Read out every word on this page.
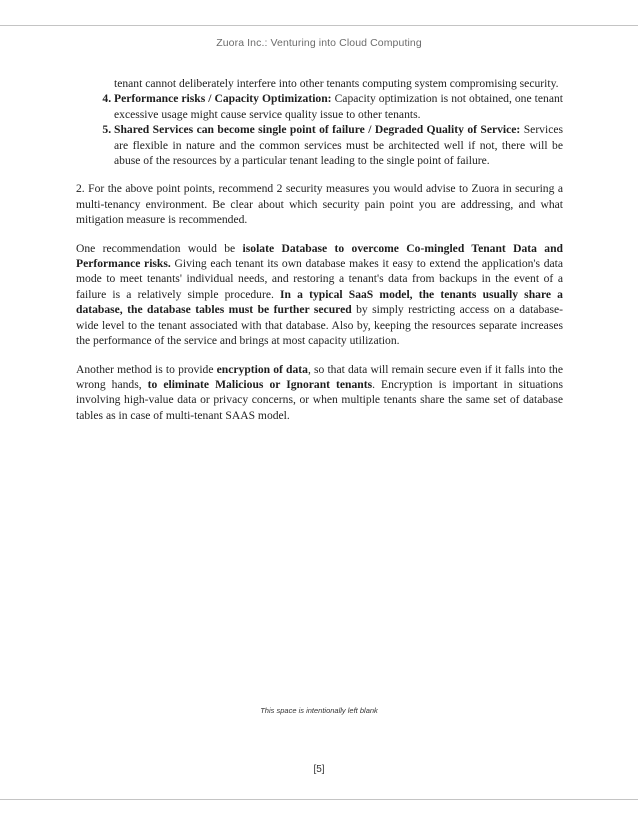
Zuora Inc.: Venturing into Cloud Computing
tenant cannot deliberately interfere into other tenants computing system compromising security.
4. Performance risks / Capacity Optimization: Capacity optimization is not obtained, one tenant excessive usage might cause service quality issue to other tenants.
5. Shared Services can become single point of failure / Degraded Quality of Service: Services are flexible in nature and the common services must be architected well if not, there will be abuse of the resources by a particular tenant leading to the single point of failure.
2. For the above point points, recommend 2 security measures you would advise to Zuora in securing a multi-tenancy environment. Be clear about which security pain point you are addressing, and what mitigation measure is recommended.
One recommendation would be isolate Database to overcome Co-mingled Tenant Data and Performance risks. Giving each tenant its own database makes it easy to extend the application's data mode to meet tenants' individual needs, and restoring a tenant's data from backups in the event of a failure is a relatively simple procedure. In a typical SaaS model, the tenants usually share a database, the database tables must be further secured by simply restricting access on a database-wide level to the tenant associated with that database. Also by, keeping the resources separate increases the performance of the service and brings at most capacity utilization.
Another method is to provide encryption of data, so that data will remain secure even if it falls into the wrong hands, to eliminate Malicious or Ignorant tenants. Encryption is important in situations involving high-value data or privacy concerns, or when multiple tenants share the same set of database tables as in case of multi-tenant SAAS model.
This space is intentionally left blank
[5]
